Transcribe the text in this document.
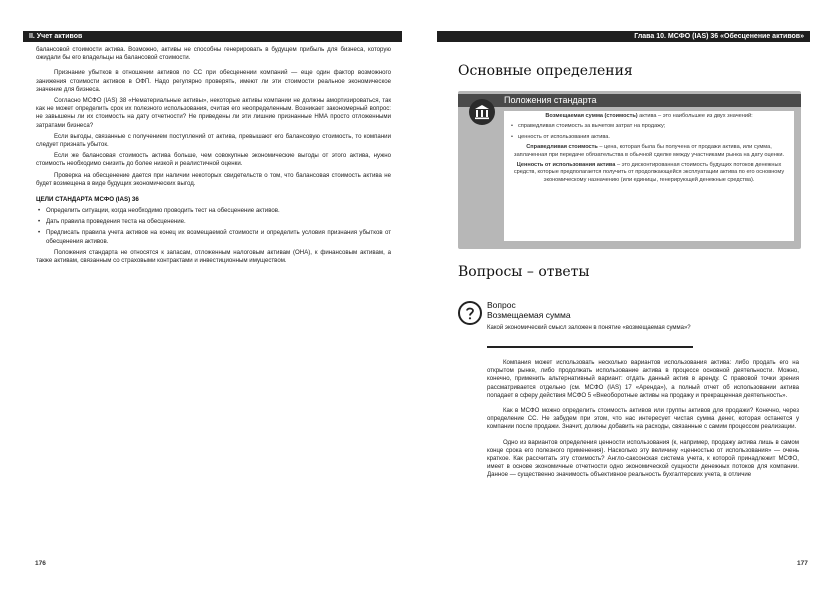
II. Учет активов	Глава 10. МСФО (IAS) 36 «Обесценение активов»

балансовой стоимости актива. Возможно, активы не способны генерировать в будущем прибыль для бизнеса, которую ожидали бы его владельцы на балансовой стоимости.

Признание убытков в отношении активов по СС при обесценении компаний — еще один фактор возможного занижения стоимости активов в ОФП. Надо регулярно проверять, имеют ли эти стоимости реальное экономическое значение для бизнеса.

Согласно МСФО (IAS) 38 «Нематериальные активы», некоторые активы компании не должны амортизироваться, так как не может определить срок их полезного использования, считая его неопределенным. Возникает закономерный вопрос: не завышены ли их стоимость на дату отчетности? Не приведены ли эти лишние признанные НМА просто отложенными затратами бизнеса?

Если выгоды, связанные с получением поступлений от актива, превышают его балансовую стоимость, то компании следует признать убыток.

Если же балансовая стоимость актива больше, чем совокупные экономические выгоды от этого актива, нужно стоимость необходимо снизить до более низкой и реалистичной оценки.

Проверка на обесценение дается при наличии некоторых свидетельств о том, что балансовая стоимость актива не будет возмещена в виде будущих экономических выгод.

ЦЕЛИ СТАНДАРТА МСФО (IAS) 36
• Определить ситуации, когда необходимо проводить тест на обесценение активов.
• Дать правила проведения теста на обесценение.
• Предписать правила учета активов на конец их возмещаемой стоимости и определить условия признания убытков от обесценения активов.

Положения стандарта не относятся к запасам, отложенным налоговым активам (ОНА), к финансовым активам, а также активам, связанным со страховыми контрактами и инвестиционным имуществом.

176
Основные определения
Положения стандарта

Возмещаемая сумма (стоимость) актива – это наибольшее из двух значений:

• справедливая стоимость за вычетом затрат на продажу;
• ценность от использования актива.

Справедливая стоимость – цена, которая была бы получена от продажи актива, или сумма, заплаченная при передаче обязательства в обычной сделке между участниками рынка на дату оценки.

Ценность от использования актива – это дисконтированная стоимость будущих потоков денежных средств, которые предполагается получить от продолжающейся эксплуатации актива по его основному экономическому назначению (или единицы, генерирующей денежные средства).

Вопросы – ответы
Вопрос
Возмещаемая сумма
Какой экономический смысл заложен в понятие «возмещаемая сумма»?

Компания может использовать несколько вариантов использования актива: либо продать его на открытом рынке, либо продолжать использование актива в процессе основной деятельности. Можно, конечно, применить альтернативный вариант: отдать данный актив в аренду. С правовой точки зрения рассматривается отдельно (см. МСФО (IAS) 17 «Аренда»), а полный отчет об использовании актива попадает в сферу действия МСФО 5 «Внеоборотные активы на продажу и прекращенная деятельность».

Как в МСФО можно определить стоимость активов или группы активов для продажи? Конечно, через определение СС. Не забудем при этом, что нас интересует чистая сумма денег, которая останется у компании после продажи. Значит, должны добавить на расходы, связанные с самим процессом реализации.

Одно из вариантов определения ценности использования (к, например, продажу актива лишь в самом конце срока его полезного применения). Насколько эту величину «ценностью от использования» — очень краткое. Как рассчитать эту стоимость? Англо-саксонская система учета, к которой принадлежит МСФО, имеет в основе экономичные отчетности одно экономической сущности денежных потоков для компании. Данное — существенно значимость объективное реальность бухгалтерских учета, в отличие

177
